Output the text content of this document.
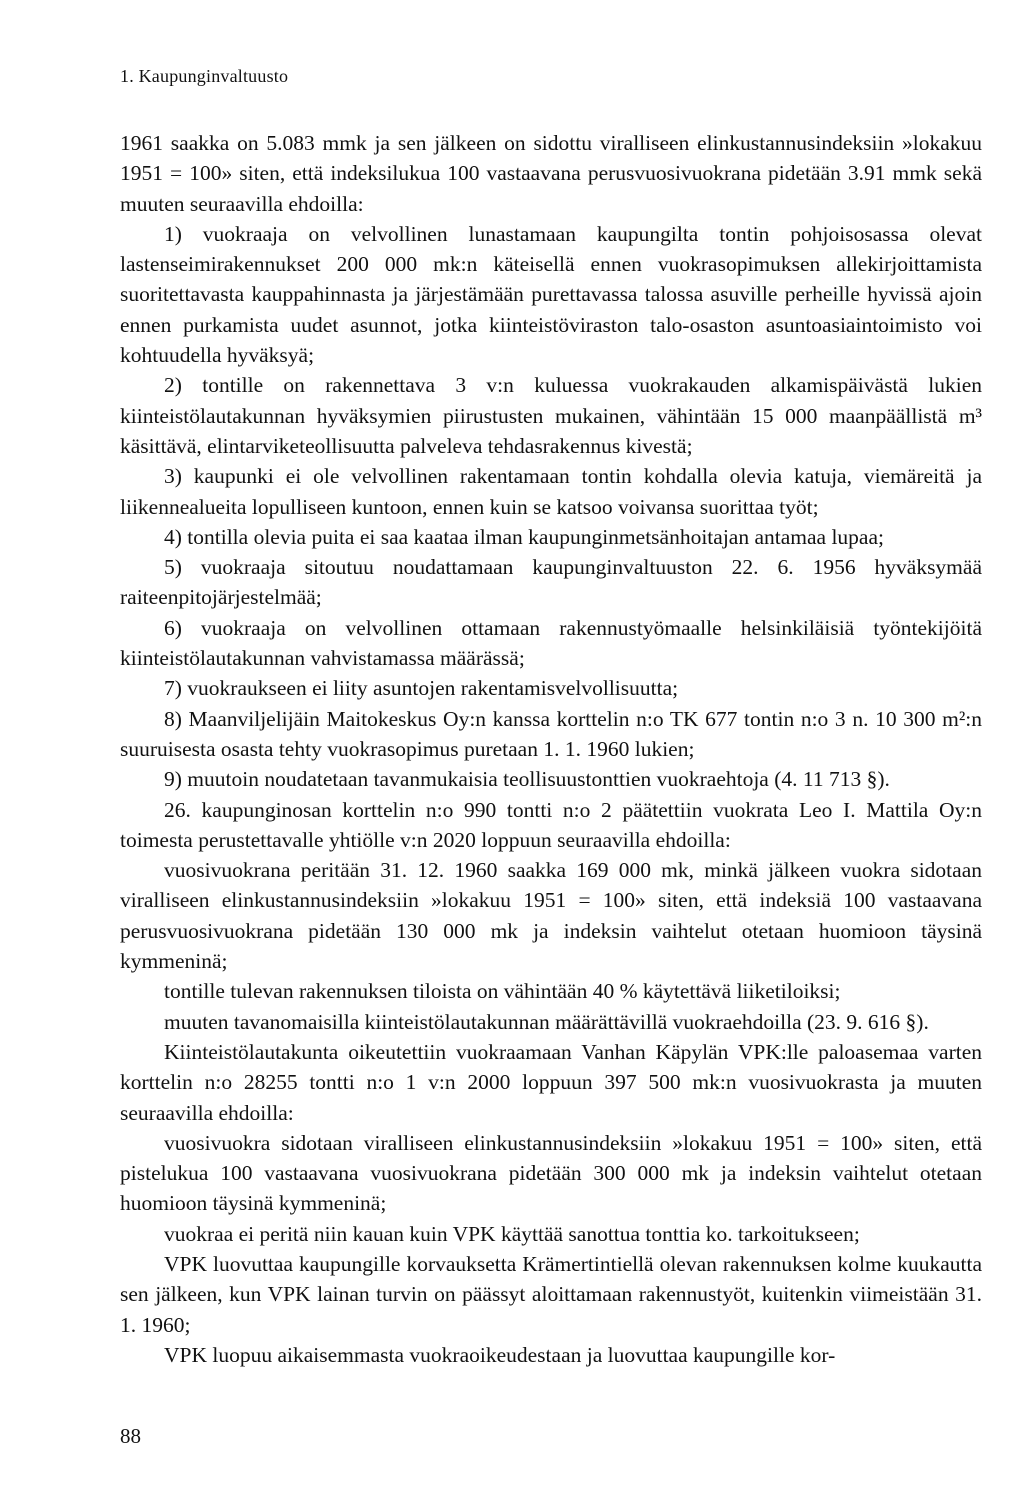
1. Kaupunginvaltuusto

1961 saakka on 5.083 mmk ja sen jälkeen on sidottu viralliseen elinkustannusindeksiin »lokakuu 1951 = 100» siten, että indeksilukua 100 vastaavana perusvuosivuokrana pidetään 3.91 mmk sekä muuten seuraavilla ehdoilla:

1) vuokraaja on velvollinen lunastamaan kaupungilta tontin pohjoisosassa olevat lastenseimirakennukset 200 000 mk:n käteisellä ennen vuokrasopimuksen allekirjoittamista suoritettavasta kauppahinnasta ja järjestämään purettavassa talossa asuville perheille hyvissä ajoin ennen purkamista uudet asunnot, jotka kiinteistöviraston talo-osaston asuntoasiaintoimisto voi kohtuudella hyväksyä;

2) tontille on rakennettava 3 v:n kuluessa vuokrakauden alkamispäivästä lukien kiinteistölautakunnan hyväksymien piirustusten mukainen, vähintään 15 000 maanpäällistä m³ käsittävä, elintarviketeollisuutta palveleva tehdasrakennus kivestä;

3) kaupunki ei ole velvollinen rakentamaan tontin kohdalla olevia katuja, viemäreitä ja liikennealueita lopulliseen kuntoon, ennen kuin se katsoo voivansa suorittaa työt;

4) tontilla olevia puita ei saa kaataa ilman kaupunginmetsänhoitajan antamaa lupaa;

5) vuokraaja sitoutuu noudattamaan kaupunginvaltuuston 22. 6. 1956 hyväksymää raiteenpitojärjestelmää;

6) vuokraaja on velvollinen ottamaan rakennustyömaalle helsinkiläisiä työntekijöitä kiinteistölautakunnan vahvistamassa määrässä;

7) vuokraukseen ei liity asuntojen rakentamisvelvollisuutta;

8) Maanviljelijäin Maitokeskus Oy:n kanssa korttelin n:o TK 677 tontin n:o 3 n. 10 300 m²:n suuruisesta osasta tehty vuokrasopimus puretaan 1. 1. 1960 lukien;

9) muutoin noudatetaan tavanmukaisia teollisuustonttien vuokraehtoja (4. 11 713 §).

26. kaupunginosan korttelin n:o 990 tontti n:o 2 päätettiin vuokrata Leo I. Mattila Oy:n toimesta perustettavalle yhtiölle v:n 2020 loppuun seuraavilla ehdoilla:

vuosivuokrana peritään 31. 12. 1960 saakka 169 000 mk, minkä jälkeen vuokra sidotaan viralliseen elinkustannusindeksiin »lokakuu 1951 = 100» siten, että indeksiä 100 vastaavana perusvuosivuokrana pidetään 130 000 mk ja indeksin vaihtelut otetaan huomioon täysinä kymmeninä;

tontille tulevan rakennuksen tiloista on vähintään 40 % käytettävä liiketiloiksi;

muuten tavanomaisilla kiinteistölautakunnan määrättävillä vuokraehdoilla (23. 9. 616 §).

Kiinteistölautakunta oikeutettiin vuokraamaan Vanhan Käpylän VPK:lle paloasemaa varten korttelin n:o 28255 tontti n:o 1 v:n 2000 loppuun 397 500 mk:n vuosivuokrasta ja muuten seuraavilla ehdoilla:

vuosivuokra sidotaan viralliseen elinkustannusindeksiin »lokakuu 1951 = 100» siten, että pistelukua 100 vastaavana vuosivuokrana pidetään 300 000 mk ja indeksin vaihtelut otetaan huomioon täysinä kymmeninä;

vuokraa ei peritä niin kauan kuin VPK käyttää sanottua tonttia ko. tarkoitukseen;

VPK luovuttaa kaupungille korvauksetta Krämertintiellä olevan rakennuksen kolme kuukautta sen jälkeen, kun VPK lainan turvin on päässyt aloittamaan rakennustyöt, kuitenkin viimeistään 31. 1. 1960;

VPK luopuu aikaisemmasta vuokraoikeudestaan ja luovuttaa kaupungille kor-

88
